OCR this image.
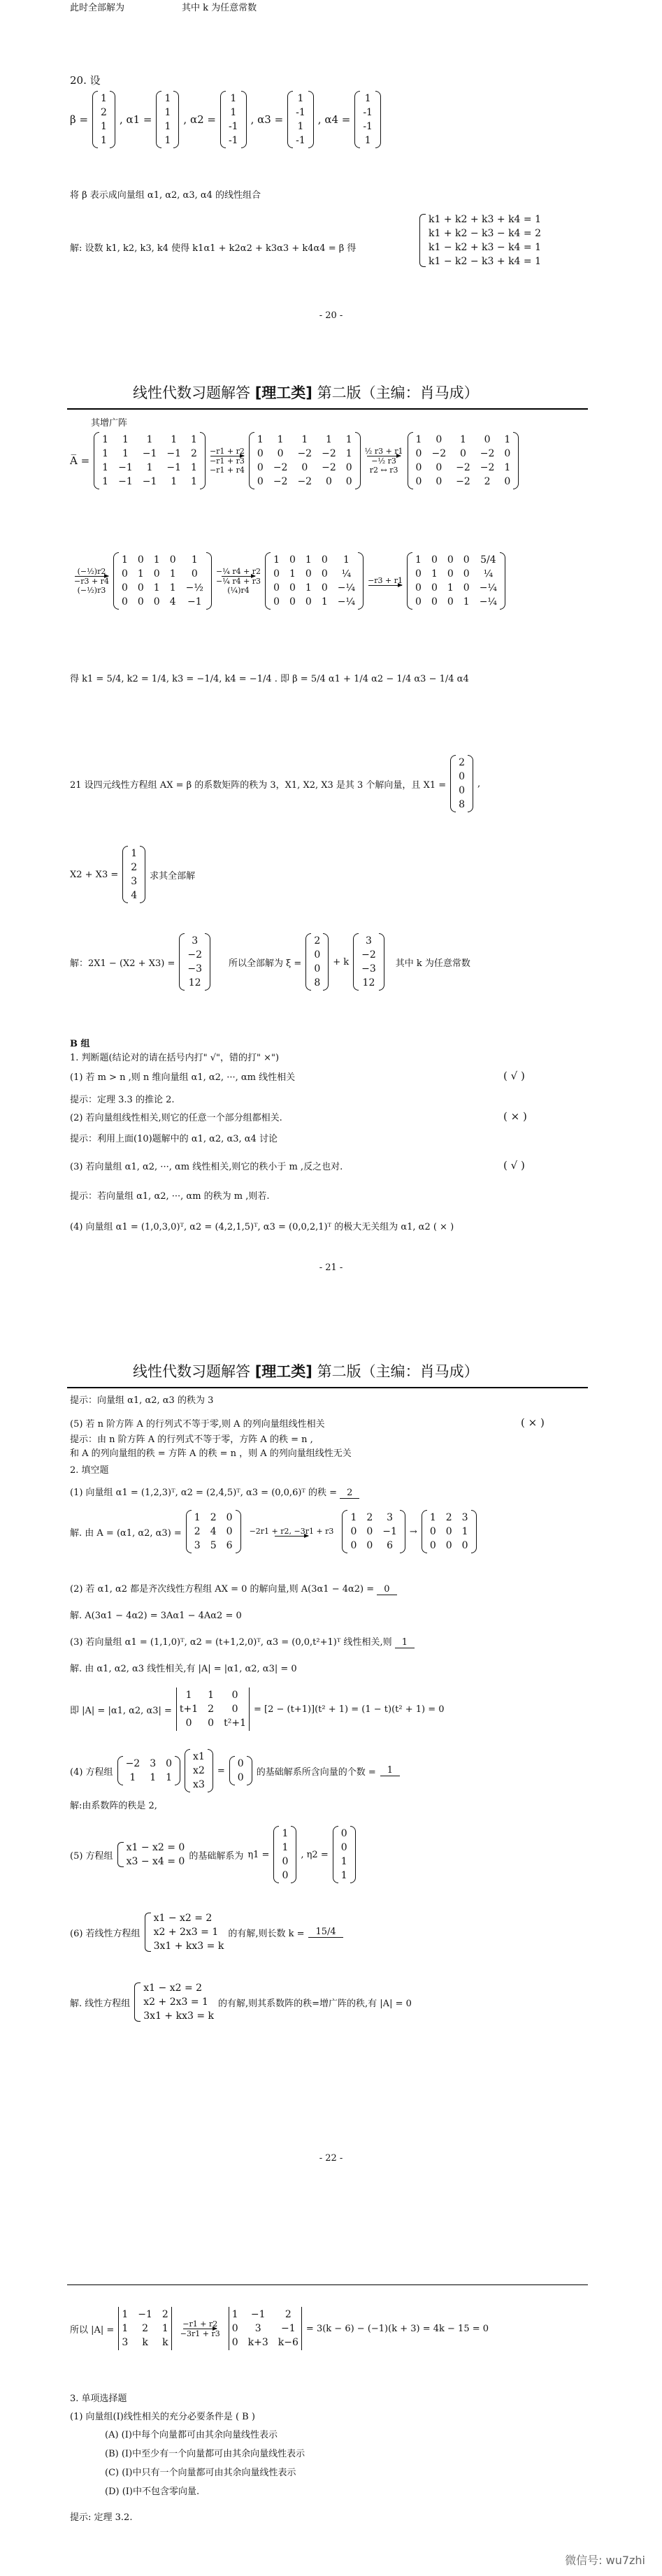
此时全部解为	其中 k 为任意常数
20. 设
β =
1
2
1
1
, α1 =
1
1
1
1
, α2 =
1
1
-1
-1
, α3 =
1
-1
1
-1
, α4 =
1
-1
-1
1
将 β 表示成向量组 α1, α2, α3, α4 的线性组合
解: 设数 k1, k2, k3, k4 使得 k1α1 + k2α2 + k3α3 + k4α4 = β 得
k1 + k2 + k3 + k4 = 1
k1 + k2 − k3 − k4 = 2
k1 − k2 + k3 − k4 = 1
k1 − k2 − k3 + k4 = 1
- 20 -
线性代数习题解答 [理工类] 第二版（主编：肖马成）
其增广阵
A̅ =
1	1	1	1	1
1	1	−1 −1 2
1 −1	1	−1 1
1 −1 −1	1	1
−r1 + r2
−r1 + r3
−r1 + r4
1	1	1	1	1
0	0	−2 −2 1
0 −2	0	−2 0
0 −2 −2	0	0
½ r3 + r1
−½ r3
r2 ↔ r3
1	0	1	0	1
0 −2	0	−2 0
0	0	−2 −2 1
0	0	−2	2	0
(−½)r2
−r3 + r4
(−½)r3
1 0 1 0	1
0 1 0 1	0
0 0 1 1 −½
0 0 0 4 −1
−¼ r4 + r2
−¼ r4 + r3
(¼)r4
1 0 1 0	1
0 1 0 0	¼
0 0 1 0 −¼
0 0 0 1 −¼
−r3 + r1
1 0 0 0 5/4
0 1 0 0	¼
0 0 1 0 −¼
0 0 0 1 −¼
得 k1 = 5/4, k2 = 1/4, k3 = −1/4, k4 = −1/4 . 即 β = 5/4 α1 + 1/4 α2 − 1/4 α3 − 1/4 α4
21 设四元线性方程组 AX = β 的系数矩阵的秩为 3，X1, X2, X3 是其 3 个解向量，且 X1 =
2
0
0
8
,
X2 + X3 =
1
2
3
4
求其全部解
解：2X1 − (X2 + X3) =
3
−2
−3
12
所以全部解为 ξ =
2
0
0
8
+ k
3
−2
−3
12
其中 k 为任意常数
B 组
1. 判断题(结论对的请在括号内打" √"，错的打" ×")
(1) 若 m > n ,则 n 维向量组 α1, α2, ···, αm 线性相关	( √ )
提示：定理 3.3 的推论 2.
(2) 若向量组线性相关,则它的任意一个部分组都相关.	( × )
提示：利用上面(10)题解中的 α1, α2, α3, α4 讨论
(3) 若向量组 α1, α2, ···, αm 线性相关,则它的秩小于 m ,反之也对.	( √ )
提示：若向量组 α1, α2, ···, αm 的秩为 m ,则若.
(4) 向量组 α1 = (1,0,3,0)ᵀ, α2 = (4,2,1,5)ᵀ, α3 = (0,0,2,1)ᵀ 的极大无关组为 α1, α2 ( × )
- 21 -
线性代数习题解答 [理工类] 第二版（主编：肖马成）
提示：向量组 α1, α2, α3 的秩为 3
(5) 若 n 阶方阵 A 的行列式不等于零,则 A 的列向量组线性相关	( × )
提示：由 n 阶方阵 A 的行列式不等于零，方阵 A 的秩 = n ,
和 A 的列向量组的秩 = 方阵 A 的秩 = n ，则 A 的列向量组线性无关
2. 填空题
(1) 向量组 α1 = (1,2,3)ᵀ, α2 = (2,4,5)ᵀ, α3 = (0,0,6)ᵀ 的秩 = 2
解. 由 A = (α1, α2, α3) =
1 2 0
2 4 0
3 5 6
−2r1 + r2, −3r1 + r3
1 2	3
0 0 −1
0 0	6
→
1 2 3
0 0 1
0 0 0
(2) 若 α1, α2 都是齐次线性方程组 AX = 0 的解向量,则 A(3α1 − 4α2) = 0
解. A(3α1 − 4α2) = 3Aα1 − 4Aα2 = 0
(3) 若向量组 α1 = (1,1,0)ᵀ, α2 = (t+1,2,0)ᵀ, α3 = (0,0,t²+1)ᵀ 线性相关,则 1
解. 由 α1, α2, α3 线性相关,有 |A| = |α1, α2, α3| = 0
即 |A| = |α1, α2, α3| =
1	1	0
t+1 2	0
0	0 t²+1
= [2 − (t+1)](t² + 1) = (1 − t)(t² + 1) = 0
(4) 方程组
−2 3 0
1	1 1
x1
x2
x3
=
0
0 的基础解系所含向量的个数 =	1
解:由系数阵的秩是 2,
(5) 方程组
x1 − x2 = 0
x3 − x4 = 0 的基础解系为 η1 =
1
1
0
0
, η2 =
0
0
1
1
(6) 若线性方程组
x1 − x2 = 2
x2 + 2x3 = 1
3x1 + kx3 = k
的有解,则长数 k =	15/4
解. 线性方程组
x1 − x2 = 2
x2 + 2x3 = 1
3x1 + kx3 = k
的有解,则其系数阵的秩=增广阵的秩,有 |A| = 0
- 22 -
所以 |A| =
1 −1 2
1	2	1
3	k	k
−r1 + r2
−3r1 + r3
1	−1	2
0	3	−1
0 k+3 k−6
= 3(k − 6) − (−1)(k + 3) = 4k − 15 = 0
3. 单项选择题
(1) 向量组(I)线性相关的充分必要条件是 ( B )
(A) (I)中每个向量都可由其余向量线性表示
(B) (I)中至少有一个向量都可由其余向量线性表示
(C) (I)中只有一个向量都可由其余向量线性表示
(D) (I)中不包含零向量.
提示: 定理 3.2.
微信号: wu7zhi
